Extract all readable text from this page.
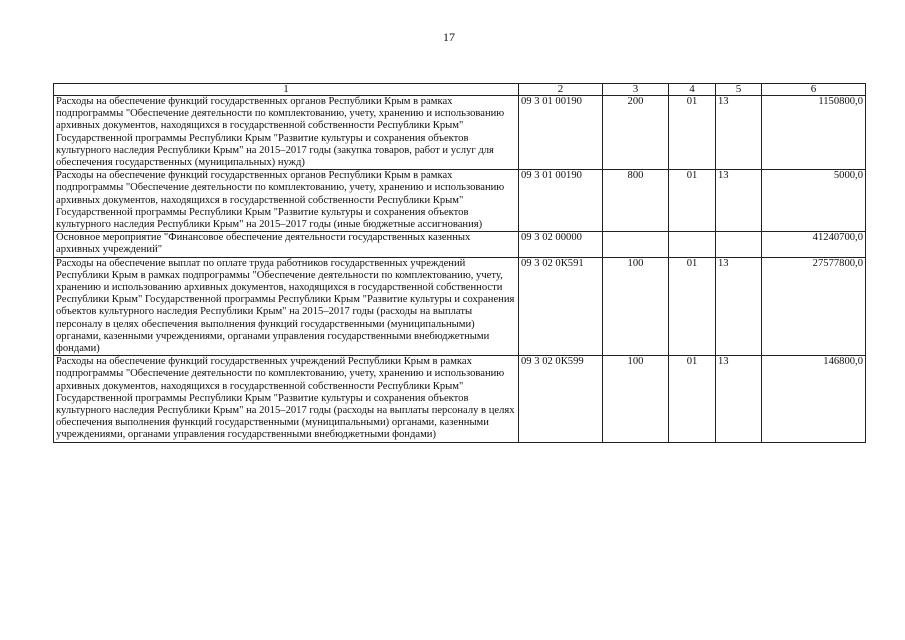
17
1	2	3	4	5	6
Расходы на обеспечение функций государственных органов Республики Крым в рамках подпрограммы "Обеспечение деятельности по комплектованию, учету, хранению и использованию архивных документов, находящихся в государственной собственности Республики Крым" Государственной программы Республики Крым "Развитие культуры и сохранения объектов культурного наследия Республики Крым" на 2015–2017 годы (закупка товаров, работ и услуг для обеспечения государственных (муниципальных) нужд)	09 3 01 00190	200	01	13	1150800,0
Расходы на обеспечение функций государственных органов Республики Крым в рамках подпрограммы "Обеспечение деятельности по комплектованию, учету, хранению и использованию архивных документов, находящихся в государственной собственности Республики Крым" Государственной программы Республики Крым "Развитие культуры и сохранения объектов культурного наследия Республики Крым" на 2015–2017 годы (иные бюджетные ассигнования)	09 3 01 00190	800	01	13	5000,0
Основное мероприятие "Финансовое обеспечение деятельности государственных казенных архивных учреждений"	09 3 02 00000				41240700,0
Расходы на обеспечение выплат по оплате труда работников государственных учреждений Республики Крым в рамках подпрограммы "Обеспечение деятельности по комплектованию, учету, хранению и использованию архивных документов, находящихся в государственной собственности Республики Крым" Государственной программы Республики Крым "Развитие культуры и сохранения объектов культурного наследия Республики Крым" на 2015–2017 годы (расходы на выплаты персоналу в целях обеспечения выполнения функций государственными (муниципальными) органами, казенными учреждениями, органами управления государственными внебюджетными фондами)	09 3 02 0К591	100	01	13	27577800,0
Расходы на обеспечение функций государственных учреждений Республики Крым в рамках подпрограммы "Обеспечение деятельности по комплектованию, учету, хранению и использованию архивных документов, находящихся в государственной собственности Республики Крым" Государственной программы Республики Крым "Развитие культуры и сохранения объектов культурного наследия Республики Крым" на 2015–2017 годы (расходы на выплаты персоналу в целях обеспечения выполнения функций государственными (муниципальными) органами, казенными учреждениями, органами управления государственными внебюджетными фондами)	09 3 02 0К599	100	01	13	146800,0
